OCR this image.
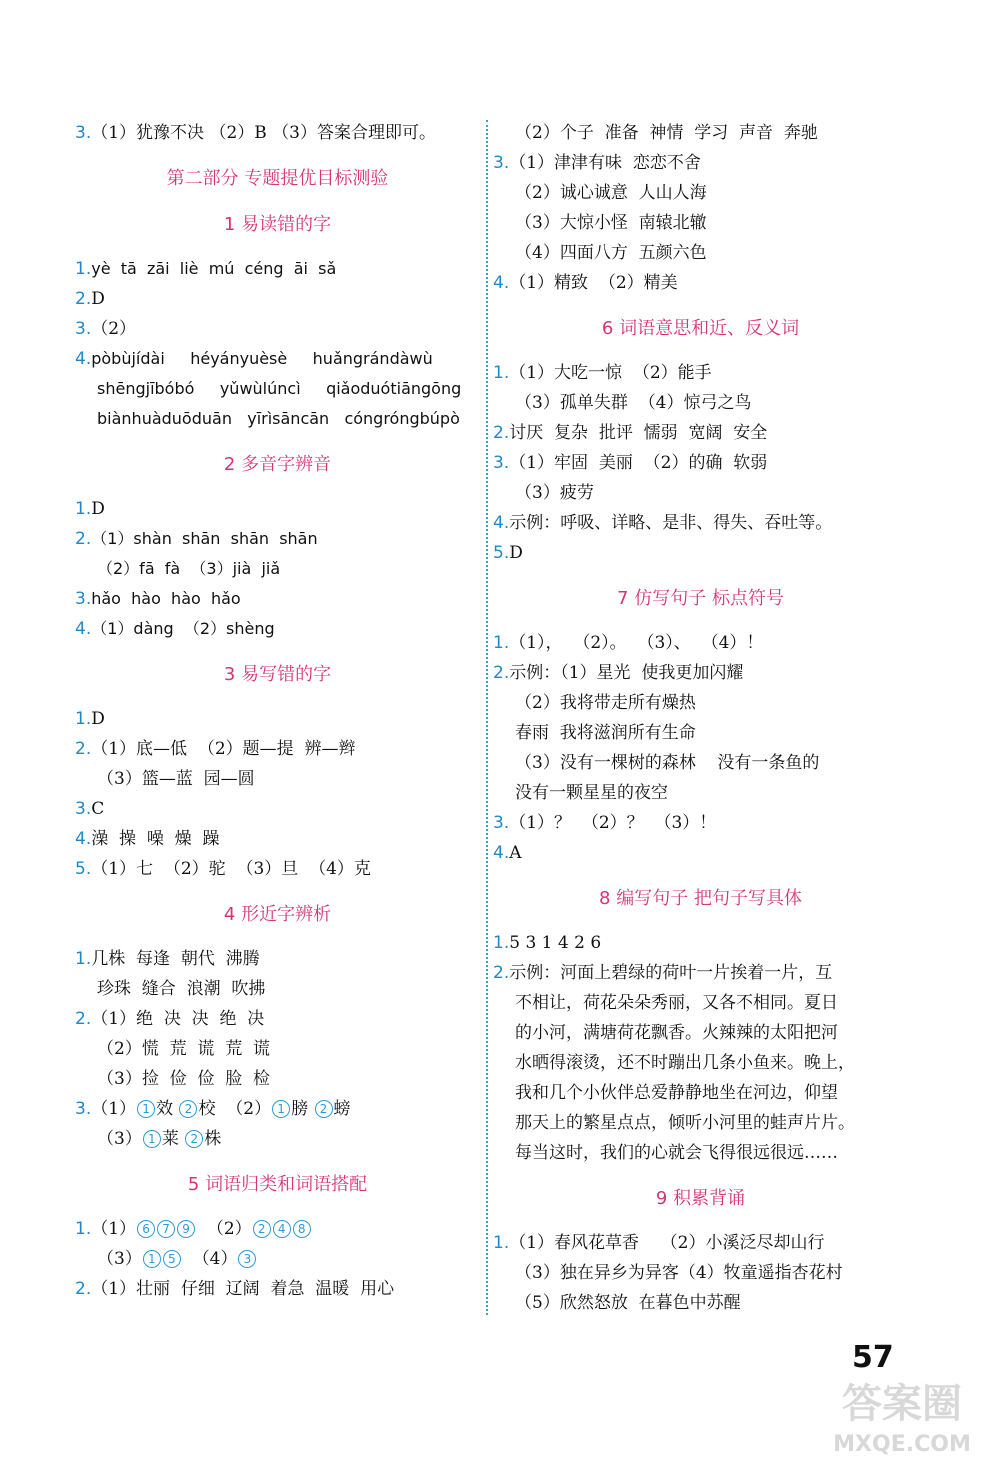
3.（1）犹豫不决 （2）B （3）答案合理即可。
第二部分 专题提优目标测验
1 易读错的字
1.yè  tā  zāi  liè  mú  céng  āi  sǎ
2.D
3.（2）
4.pòbùjídài     héyányuèsè     huǎngrándàwù
shēngjībóbó     yǔwùlúncì     qiǎoduótiāngōng
biànhuàduōduān   yīrìsāncān   cóngróngbúpò
2 多音字辨音
1.D
2.（1）shàn  shān  shān  shān
（2）fā  fà  （3）jià  jiǎ
3.hǎo  hào  hào  hǎo
4.（1）dàng  （2）shèng
3 易写错的字
1.D
2.（1）底—低  （2）题—提  辨—辫
（3）篮—蓝  园—圆
3.C
4.澡  操  噪  燥  躁
5.（1）七  （2）驼  （3）旦  （4）克
4 形近字辨析
1.几株  每逢  朝代  沸腾
珍珠  缝合  浪潮  吹拂
2.（1）绝  决  决  绝  决
（2）慌  荒  谎  荒  谎
（3）捡  俭  俭  脸  检
3.（1） 1 效 2 校  （2） 1 膀 2 螃
（3） 1 莱 2 株
5 词语归类和词语搭配
1.（1） 6 7 9  （2） 2 4 8
（3） 1 5  （4） 3
2.（1）壮丽  仔细  辽阔  着急  温暖  用心
（2）个子  准备  神情  学习  声音  奔驰
3.（1）津津有味  恋恋不舍
（2）诚心诚意  人山人海
（3）大惊小怪  南辕北辙
（4）四面八方  五颜六色
4.（1）精致  （2）精美
6 词语意思和近、反义词
1.（1）大吃一惊  （2）能手
（3）孤单失群  （4）惊弓之鸟
2.讨厌  复杂  批评  懦弱  宽阔  安全
3.（1）牢固  美丽  （2）的确  软弱
（3）疲劳
4.示例：呼吸、详略、是非、得失、吞吐等。
5.D
7 仿写句子 标点符号
1.（1），  （2）。  （3）、  （4）！
2.示例：（1）星光  使我更加闪耀
（2）我将带走所有燥热
春雨  我将滋润所有生命
（3）没有一棵树的森林    没有一条鱼的
没有一颗星星的夜空
3.（1）？  （2）？  （3）！
4.A
8 编写句子 把句子写具体
1.5 3 1 4 2 6
2.示例：河面上碧绿的荷叶一片挨着一片，互
不相让，荷花朵朵秀丽，又各不相同。夏日
的小河，满塘荷花飘香。火辣辣的太阳把河
水晒得滚烫，还不时蹦出几条小鱼来。晚上，
我和几个小伙伴总爱静静地坐在河边，仰望
那天上的繁星点点，倾听小河里的蛙声片片。
每当这时，我们的心就会飞得很远很远……
9 积累背诵
1.（1）春风花草香    （2）小溪泛尽却山行
（3）独在异乡为异客（4）牧童遥指杏花村
（5）欣然怒放  在暮色中苏醒
57
答案圈
MXQE.COM
